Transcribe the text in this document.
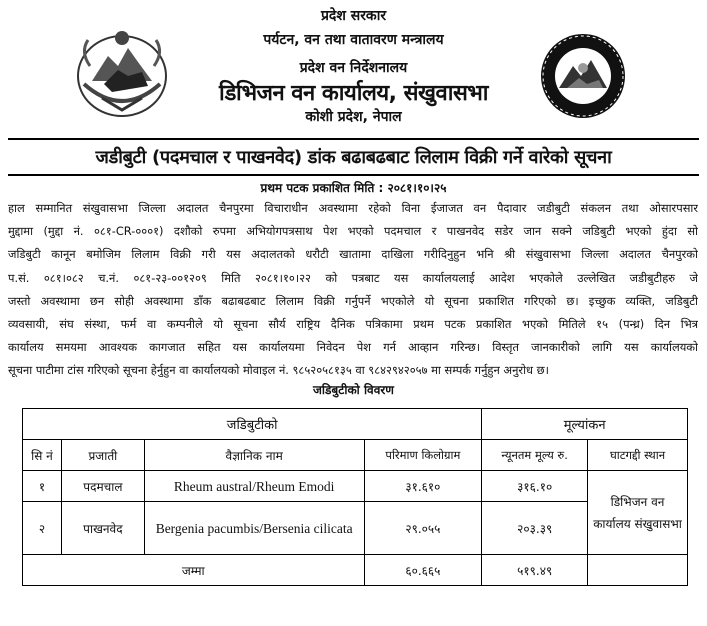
प्रदेश सरकार
पर्यटन, वन तथा वातावरण मन्त्रालय
प्रदेश वन निर्देशनालय
डिभिजन वन कार्यालय, संखुवासभा
कोशी प्रदेश, नेपाल
जडीबुटी (पदमचाल र पाखनवेद) डांक बढाबढबाट लिलाम विक्री गर्ने वारेको सूचना
प्रथम पटक प्रकाशित मिति : २०८१।१०।२५
हाल सम्मानित संखुवासभा जिल्ला अदालत चैनपुरमा विचाराधीन अवस्थामा रहेको विना ईजाजत वन पैदावार जडीबुटी संकलन तथा ओसारपसार
मुद्दामा (मुद्दा नं. ०८१-CR-०००१) दशौको रुपमा अभियोगपत्रसाथ पेश भएको पदमचाल र पाखनवेद सडेर जान सक्ने जडिबुटी भएको हुंदा सो
जडिबुटी कानून बमोजिम लिलाम विक्री गरी यस अदालतको धरौटी खातामा दाखिला गरीदिनुहुन भनि श्री संखुवासभा जिल्ला अदालत चैनपुरको
प.सं. ०८१।०८२ च.नं. ०८१-२३-००१२०९ मिति २०८१।१०।२२ को पत्रबाट यस कार्यालयलाई आदेश भएकोले उल्लेखित जडीबुटीहरु जे
जस्तो अवस्थामा छन सोही अवस्थामा डाँक बढाबढबाट लिलाम विक्री गर्नुपर्ने भएकोले यो सूचना प्रकाशित गरिएको छ। इच्छुक व्यक्ति, जडिबुटी
व्यवसायी, संघ संस्था, फर्म वा कम्पनीले यो सूचना सौर्य राष्ट्रिय दैनिक पत्रिकामा प्रथम पटक प्रकाशित भएको मितिले १५ (पन्ध्र) दिन भित्र
कार्यालय समयमा आवश्यक कागजात सहित यस कार्यालयमा निवेदन पेश गर्न आव्हान गरिन्छ। विस्तृत जानकारीको लागि यस कार्यालयको
सूचना पाटीमा टांस गरिएको सूचना हेर्नुहुन वा कार्यालयको मोवाइल नं. ९८५२०५८१३५ वा ९८४२९४२०५७ मा सम्पर्क गर्नुहुन अनुरोध छ।
जडिबुटीको विवरण
जडिबुटीको				मूल्यांकन	
सि नं	प्रजाती	वैज्ञानिक नाम	परिमाण किलोग्राम	न्यूनतम मूल्य रु.	घाटगद्दी स्थान
१	पदमचाल	Rheum austral/Rheum Emodi	३१.६१०	३१६.१०	डिभिजन वन कार्यालय संखुवासभा
२	पाखनवेद	Bergenia pacumbis/Bersenia cilicata	२९.०५५	२०३.३९	
जम्मा			६०.६६५	५१९.४९	
